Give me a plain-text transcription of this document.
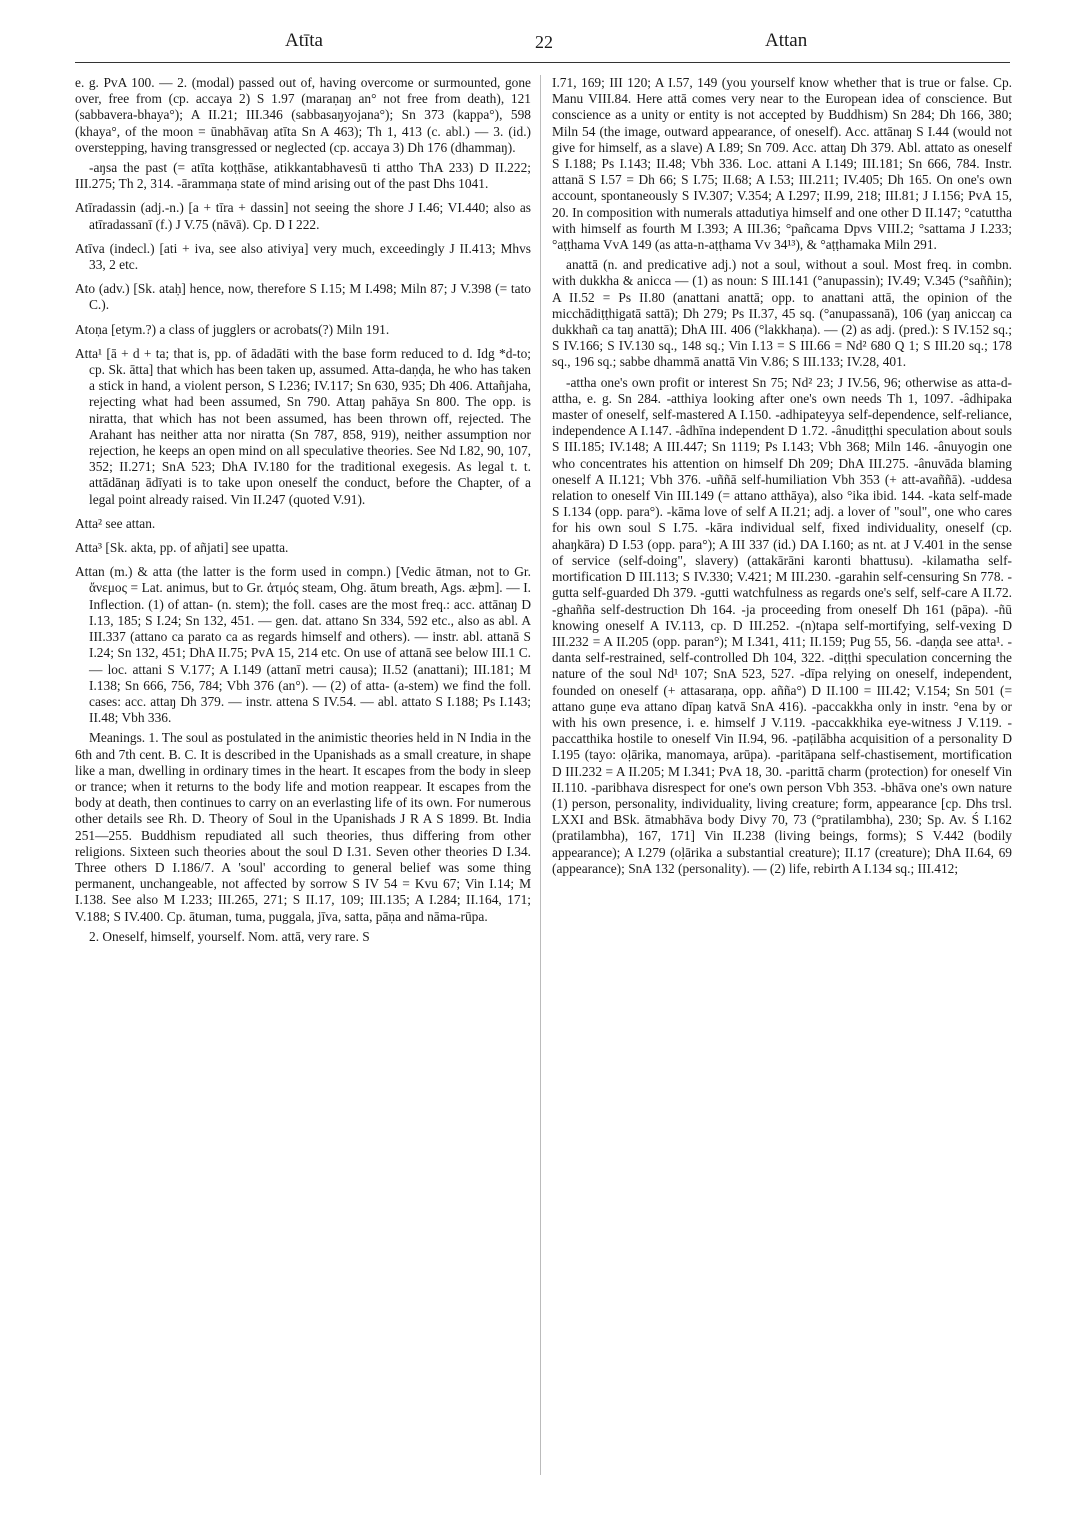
Atīta	22	Attan

e. g. PvA 100. — 2. (modal) passed out of, having overcome or surmounted, gone over, free from (cp. accaya 2) S 1.97 (maraṇaŋ an° not free from death), 121 (sabbavera-bhaya°); A II.21; III.346 (sabbasaŋyojana°); Sn 373 (kappa°), 598 (khaya°, of the moon = ūnabhāvaŋ atīta Sn A 463); Th 1, 413 (c. abl.) — 3. (id.) overstepping, having transgressed or neglected (cp. accaya 3) Dh 176 (dhammaŋ).

-aŋsa the past (= atīta koṭṭhāse, atikkantabhavesū ti attho ThA 233) D II.222; III.275; Th 2, 314. -ārammaṇa state of mind arising out of the past Dhs 1041.

Atīradassin (adj.-n.) [a + tīra + dassin] not seeing the shore J I.46; VI.440; also as atīradassanī (f.) J V.75 (nāvā). Cp. D I 222.

Atīva (indecl.) [ati + iva, see also ativiya] very much, exceedingly J II.413; Mhvs 33, 2 etc.

Ato (adv.) [Sk. ataḥ] hence, now, therefore S I.15; M I.498; Miln 87; J V.398 (= tato C.).

Atoṇa [etym.?) a class of jugglers or acrobats(?) Miln 191.

Atta¹ [ā + d + ta; that is, pp. of ādadāti with the base form reduced to d. Idg *d-to; cp. Sk. ātta] that which has been taken up, assumed. Atta-daṇḍa, he who has taken a stick in hand, a violent person, S I.236; IV.117; Sn 630, 935; Dh 406. Attañjaha, rejecting what had been assumed, Sn 790. Attaŋ pahāya Sn 800. The opp. is niratta, that which has not been assumed, has been thrown off, rejected. The Arahant has neither atta nor niratta (Sn 787, 858, 919), neither assumption nor rejection, he keeps an open mind on all speculative theories. See Nd I.82, 90, 107, 352; II.271; SnA 523; DhA IV.180 for the traditional exegesis. As legal t. t. attādānaŋ ādīyati is to take upon oneself the conduct, before the Chapter, of a legal point already raised. Vin II.247 (quoted V.91).

Atta² see attan.

Atta³ [Sk. akta, pp. of añjati] see upatta.

Attan (m.) & atta (the latter is the form used in compn.) [Vedic ātman, not to Gr. ἄνεμος = Lat. animus, but to Gr. ἀτμός steam, Ohg. ātum breath, Ags. æþm]. — I. Inflection. (1) of attan- (n. stem); the foll. cases are the most freq.: acc. attānaŋ D I.13, 185; S I.24; Sn 132, 451. — gen. dat. attano Sn 334, 592 etc., also as abl. A III.337 (attano ca parato ca as regards himself and others). — instr. abl. attanā S I.24; Sn 132, 451; DhA II.75; PvA 15, 214 etc. On use of attanā see below III.1 C. — loc. attani S V.177; A I.149 (attanī metri causa); II.52 (anattani); III.181; M I.138; Sn 666, 756, 784; Vbh 376 (an°). — (2) of atta- (a-stem) we find the foll. cases: acc. attaŋ Dh 379. — instr. attena S IV.54. — abl. attato S I.188; Ps I.143; II.48; Vbh 336.

Meanings. 1. The soul as postulated in the animistic theories held in N India in the 6th and 7th cent. B. C. It is described in the Upanishads as a small creature, in shape like a man, dwelling in ordinary times in the heart. It escapes from the body in sleep or trance; when it returns to the body life and motion reappear. It escapes from the body at death, then continues to carry on an everlasting life of its own. For numerous other details see Rh. D. Theory of Soul in the Upanishads J R A S 1899. Bt. India 251—255. Buddhism repudiated all such theories, thus differing from other religions. Sixteen such theories about the soul D I.31. Seven other theories D I.34. Three others D I.186/7. A 'soul' according to general belief was some thing permanent, unchangeable, not affected by sorrow S IV 54 = Kvu 67; Vin I.14; M I.138. See also M I.233; III.265, 271; S II.17, 109; III.135; A I.284; II.164, 171; V.188; S IV.400. Cp. ātuman, tuma, puggala, jīva, satta, pāṇa and nāma-rūpa.

2. Oneself, himself, yourself. Nom. attā, very rare. S

I.71, 169; III 120; A I.57, 149 (you yourself know whether that is true or false. Cp. Manu VIII.84. Here attā comes very near to the European idea of conscience. But conscience as a unity or entity is not accepted by Buddhism) Sn 284; Dh 166, 380; Miln 54 (the image, outward appearance, of oneself). Acc. attānaŋ S I.44 (would not give for himself, as a slave) A I.89; Sn 709. Acc. attaŋ Dh 379. Abl. attato as oneself S I.188; Ps I.143; II.48; Vbh 336. Loc. attani A I.149; III.181; Sn 666, 784. Instr. attanā S I.57 = Dh 66; S I.75; II.68; A I.53; III.211; IV.405; Dh 165. On one's own account, spontaneously S IV.307; V.354; A I.297; II.99, 218; III.81; J I.156; PvA 15, 20. In composition with numerals attadutiya himself and one other D II.147; °catuttha with himself as fourth M I.393; A III.36; °pañcama Dpvs VIII.2; °sattama J I.233; °aṭṭhama VvA 149 (as atta-n-aṭṭhama Vv 34¹³), & °aṭṭhamaka Miln 291.

anattā (n. and predicative adj.) not a soul, without a soul. Most freq. in combn. with dukkha & anicca — (1) as noun: S III.141 (°anupassin); IV.49; V.345 (°saññin); A II.52 = Ps II.80 (anattani anattā; opp. to anattani attā, the opinion of the micchādiṭṭhigatā sattā); Dh 279; Ps II.37, 45 sq. (°anupassanā), 106 (yaŋ aniccaŋ ca dukkhañ ca taŋ anattā); DhA III. 406 (°lakkhaṇa). — (2) as adj. (pred.): S IV.152 sq.; S IV.166; S IV.130 sq., 148 sq.; Vin I.13 = S III.66 = Nd² 680 Q 1; S III.20 sq.; 178 sq., 196 sq.; sabbe dhammā anattā Vin V.86; S III.133; IV.28, 401.

-attha one's own profit or interest Sn 75; Nd² 23; J IV.56, 96; otherwise as atta-d-attha, e. g. Sn 284. -atthiya looking after one's own needs Th 1, 1097. -âdhipaka master of oneself, self-mastered A I.150. -adhipateyya self-dependence, self-reliance, independence A I.147. -âdhīna independent D 1.72. -ânudiṭṭhi speculation about souls S III.185; IV.148; A III.447; Sn 1119; Ps I.143; Vbh 368; Miln 146. -ânuyogin one who concentrates his attention on himself Dh 209; DhA III.275. -ânuvāda blaming oneself A II.121; Vbh 376. -uññā self-humiliation Vbh 353 (+ att-avaññā). -uddesa relation to oneself Vin III.149 (= attano atthāya), also °ika ibid. 144. -kata self-made S I.134 (opp. para°). -kāma love of self A II.21; adj. a lover of "soul", one who cares for his own soul S I.75. -kāra individual self, fixed individuality, oneself (cp. ahaŋkāra) D I.53 (opp. para°); A III 337 (id.) DA I.160; as nt. at J V.401 in the sense of service (self-doing", slavery) (attakārāni karonti bhattusu). -kilamatha self-mortification D III.113; S IV.330; V.421; M III.230. -garahin self-censuring Sn 778. -gutta self-guarded Dh 379. -gutti watchfulness as regards one's self, self-care A II.72. -ghañña self-destruction Dh 164. -ja proceeding from oneself Dh 161 (pāpa). -ñū knowing oneself A IV.113, cp. D III.252. -(n)tapa self-mortifying, self-vexing D III.232 = A II.205 (opp. paran°); M I.341, 411; II.159; Pug 55, 56. -daṇḍa see atta¹. -danta self-restrained, self-controlled Dh 104, 322. -diṭṭhi speculation concerning the nature of the soul Nd¹ 107; SnA 523, 527. -dīpa relying on oneself, independent, founded on oneself (+ attasaraṇa, opp. añña°) D II.100 = III.42; V.154; Sn 501 (= attano guṇe eva attano dīpaŋ katvā SnA 416). -paccakkha only in instr. °ena by or with his own presence, i. e. himself J V.119. -paccakkhika eye-witness J V.119. -paccatthika hostile to oneself Vin II.94, 96. -paṭilābha acquisition of a personality D I.195 (tayo: oḷārika, manomaya, arūpa). -paritāpana self-chastisement, mortification D III.232 = A II.205; M I.341; PvA 18, 30. -parittā charm (protection) for oneself Vin II.110. -paribhava disrespect for one's own person Vbh 353. -bhāva one's own nature (1) person, personality, individuality, living creature; form, appearance [cp. Dhs trsl. LXXI and BSk. ātmabhāva body Divy 70, 73 (°pratilambha), 230; Sp. Av. Ś I.162 (pratilambha), 167, 171] Vin II.238 (living beings, forms); S V.442 (bodily appearance); A I.279 (oḷārika a substantial creature); II.17 (creature); DhA II.64, 69 (appearance); SnA 132 (personality). — (2) life, rebirth A I.134 sq.; III.412;
